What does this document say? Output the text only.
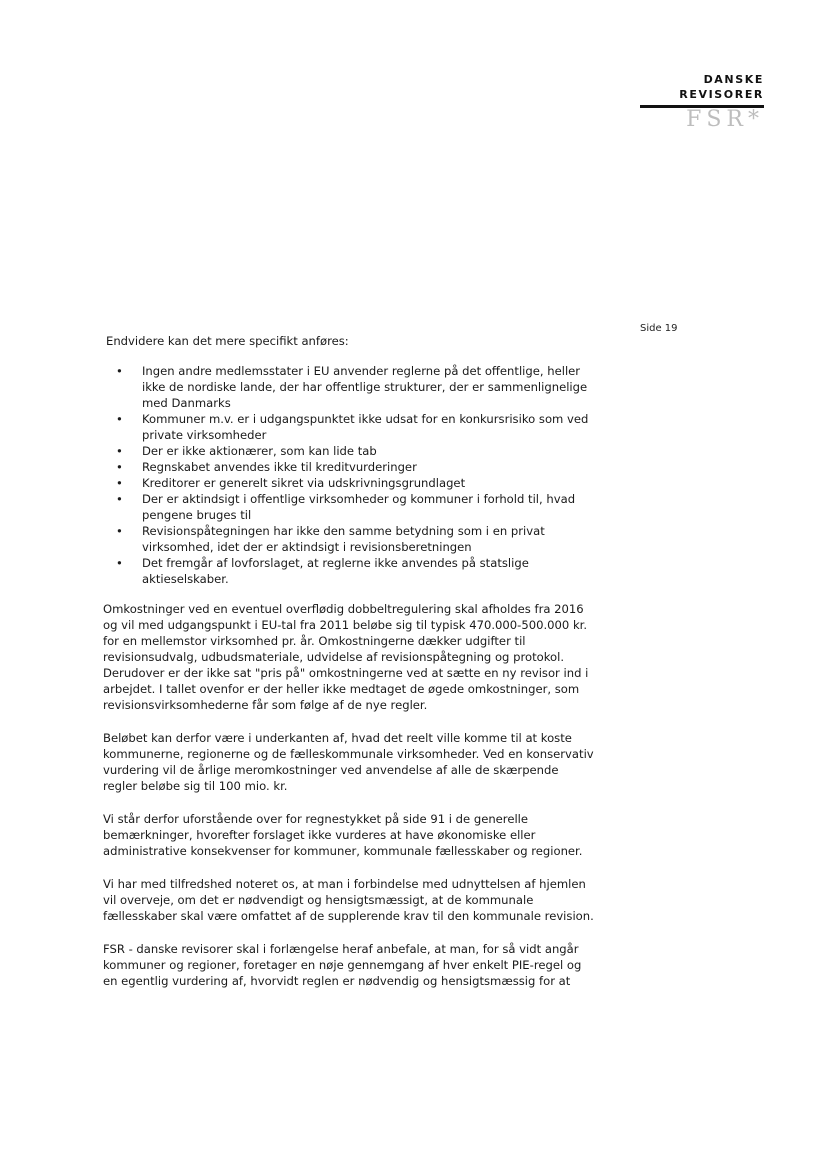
DANSKE
REVISORER
FSR*
Side 19

Endvidere kan det mere specifikt anføres:

• Ingen andre medlemsstater i EU anvender reglerne på det offentlige, heller ikke de nordiske lande, der har offentlige strukturer, der er sammenlignelige med Danmarks
• Kommuner m.v. er i udgangspunktet ikke udsat for en konkursrisiko som ved private virksomheder
• Der er ikke aktionærer, som kan lide tab
• Regnskabet anvendes ikke til kreditvurderinger
• Kreditorer er generelt sikret via udskrivningsgrundlaget
• Der er aktindsigt i offentlige virksomheder og kommuner i forhold til, hvad pengene bruges til
• Revisionspåtegningen har ikke den samme betydning som i en privat virksomhed, idet der er aktindsigt i revisionsberetningen
• Det fremgår af lovforslaget, at reglerne ikke anvendes på statslige aktieselskaber.

Omkostninger ved en eventuel overflødig dobbeltregulering skal afholdes fra 2016 og vil med udgangspunkt i EU-tal fra 2011 beløbe sig til typisk 470.000-500.000 kr. for en mellemstor virksomhed pr. år. Omkostningerne dækker udgifter til revisionsudvalg, udbudsmateriale, udvidelse af revisionspåtegning og protokol. Derudover er der ikke sat "pris på" omkostningerne ved at sætte en ny revisor ind i arbejdet. I tallet ovenfor er der heller ikke medtaget de øgede omkostninger, som revisionsvirksomhederne får som følge af de nye regler.

Beløbet kan derfor være i underkanten af, hvad det reelt ville komme til at koste kommunerne, regionerne og de fælleskommunale virksomheder. Ved en konservativ vurdering vil de årlige meromkostninger ved anvendelse af alle de skærpende regler beløbe sig til 100 mio. kr.

Vi står derfor uforstående over for regnestykket på side 91 i de generelle bemærkninger, hvorefter forslaget ikke vurderes at have økonomiske eller administrative konsekvenser for kommuner, kommunale fællesskaber og regioner.

Vi har med tilfredshed noteret os, at man i forbindelse med udnyttelsen af hjemlen vil overveje, om det er nødvendigt og hensigtsmæssigt, at de kommunale fællesskaber skal være omfattet af de supplerende krav til den kommunale revision.

FSR - danske revisorer skal i forlængelse heraf anbefale, at man, for så vidt angår kommuner og regioner, foretager en nøje gennemgang af hver enkelt PIE-regel og en egentlig vurdering af, hvorvidt reglen er nødvendig og hensigtsmæssig for at
